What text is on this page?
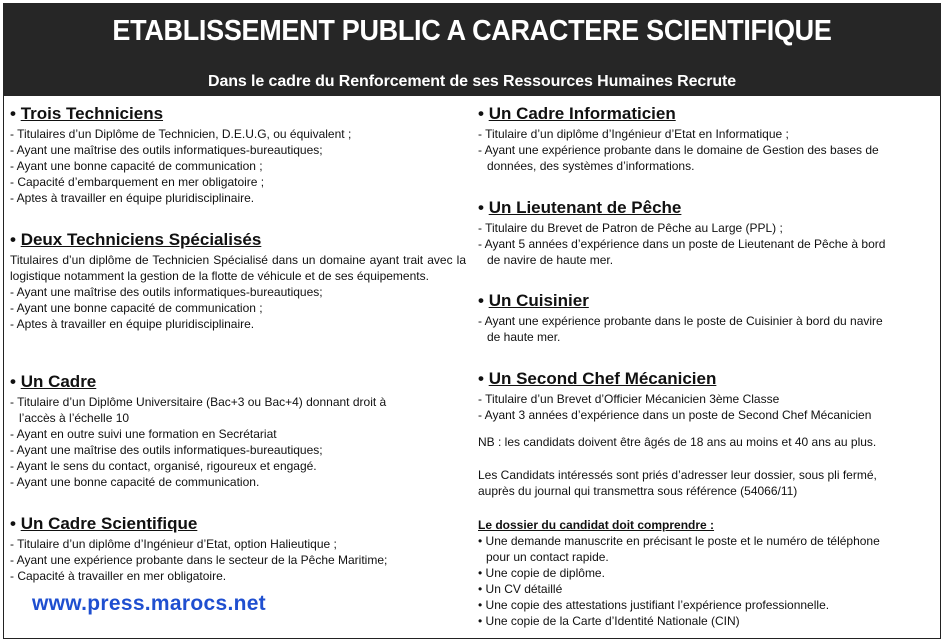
ETABLISSEMENT PUBLIC A CARACTERE SCIENTIFIQUE
Dans le cadre du Renforcement de ses Ressources Humaines Recrute
• Trois Techniciens
- Titulaires d’un Diplôme de Technicien, D.E.U.G, ou équivalent ;
- Ayant une maîtrise des outils informatiques-bureautiques;
- Ayant une bonne capacité de communication ;
- Capacité d’embarquement en mer obligatoire ;
- Aptes à travailler en équipe pluridisciplinaire.
• Deux Techniciens Spécialisés
Titulaires d’un diplôme de Technicien Spécialisé dans un domaine ayant trait avec la logistique notamment la gestion de la flotte de véhicule et de ses équipements.
- Ayant une maîtrise des outils informatiques-bureautiques;
- Ayant une bonne capacité de communication ;
- Aptes à travailler en équipe pluridisciplinaire.
• Un Cadre
- Titulaire d’un Diplôme Universitaire (Bac+3 ou Bac+4) donnant droit à
l’accès à l’échelle 10
- Ayant en outre suivi une formation en Secrétariat
- Ayant une maîtrise des outils informatiques-bureautiques;
- Ayant le sens du contact, organisé, rigoureux et engagé.
- Ayant une bonne capacité de communication.
• Un Cadre Scientifique
- Titulaire d’un diplôme d’Ingénieur d’Etat, option Halieutique ;
- Ayant une expérience probante dans le secteur de la Pêche Maritime;
- Capacité à travailler en mer obligatoire.
• Un Cadre Informaticien
- Titulaire d’un diplôme d’Ingénieur d’Etat en Informatique ;
- Ayant une expérience probante dans le domaine de Gestion des bases de
données, des systèmes d’informations.
• Un Lieutenant de Pêche
- Titulaire du Brevet de Patron de Pêche au Large (PPL) ;
- Ayant 5 années d’expérience dans un poste de Lieutenant de Pêche à bord
de navire de haute mer.
• Un Cuisinier
- Ayant une expérience probante dans le poste de Cuisinier à bord du navire
de haute mer.
• Un Second Chef Mécanicien
- Titulaire d’un Brevet d’Officier Mécanicien 3ème Classe
- Ayant 3 années d’expérience dans un poste de Second Chef Mécanicien
NB : les candidats doivent être âgés de 18 ans au moins et 40 ans au plus.
Les Candidats intéressés sont priés d’adresser leur dossier, sous pli fermé,
auprès du journal qui transmettra sous référence (54066/11)
Le dossier du candidat doit comprendre :
• Une demande manuscrite en précisant le poste et le numéro de téléphone
pour un contact rapide.
• Une copie de diplôme.
• Un CV détaillé
• Une copie des attestations justifiant l’expérience professionnelle.
• Une copie de la Carte d’Identité Nationale (CIN)
www.press.marocs.net
